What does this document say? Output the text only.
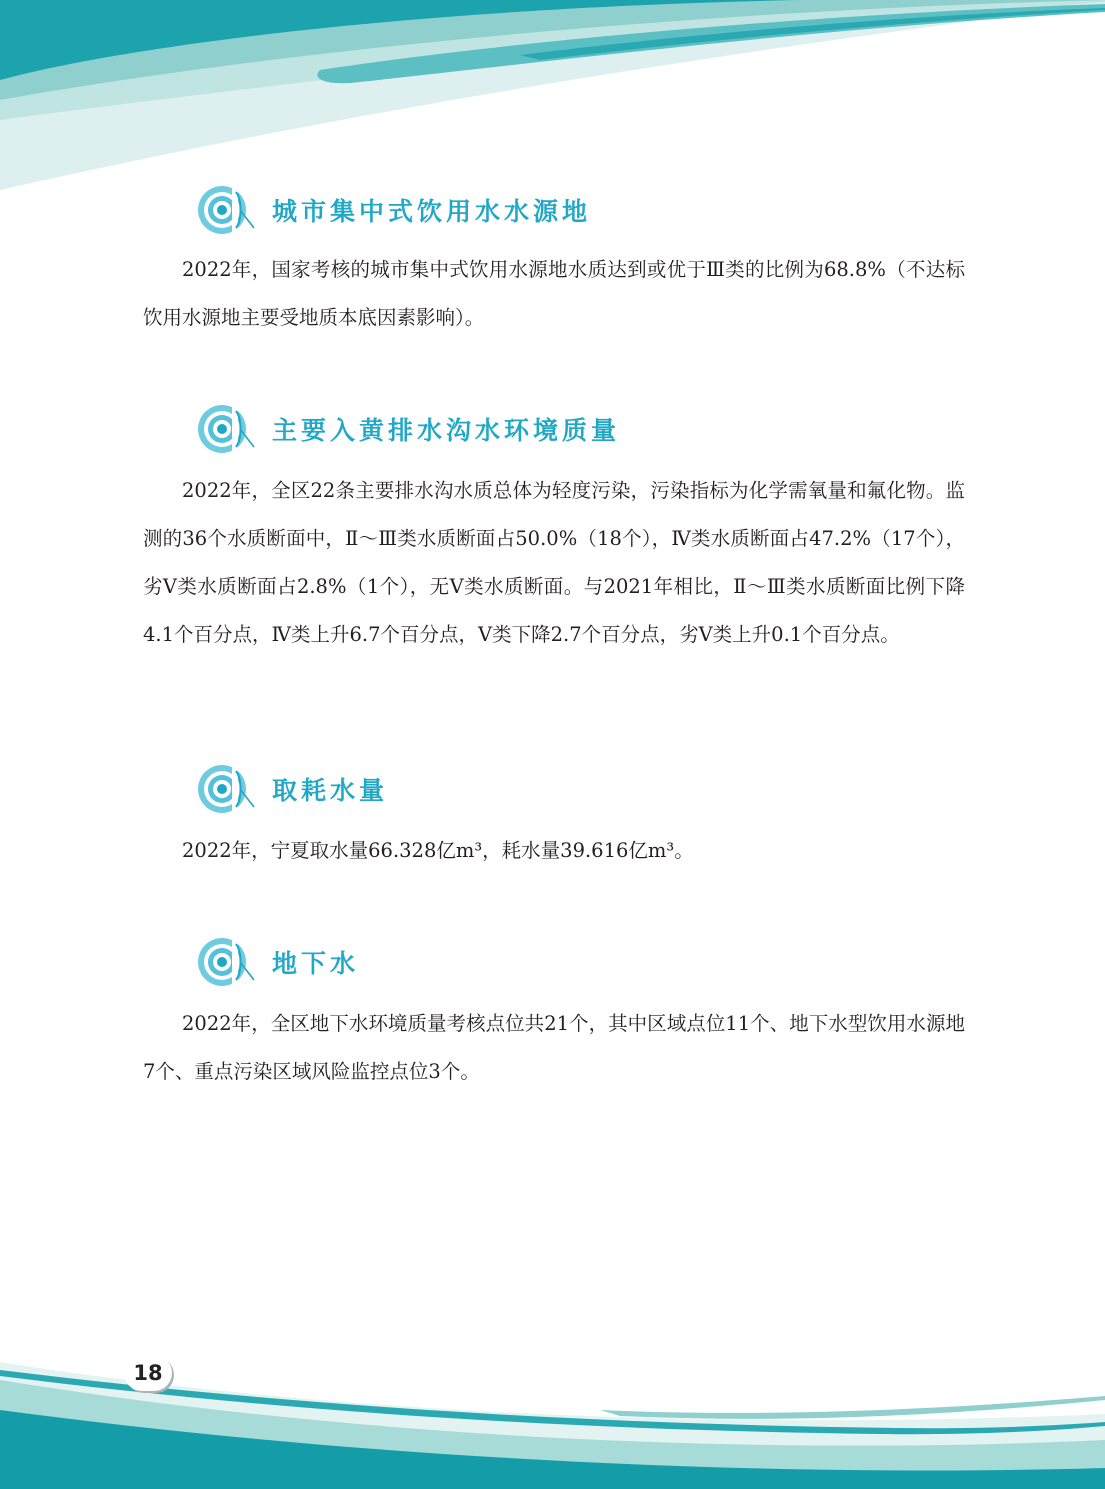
城市集中式饮用水水源地

2022年，国家考核的城市集中式饮用水源地水质达到或优于Ⅲ类的比例为68.8%（不达标饮用水源地主要受地质本底因素影响）。

主要入黄排水沟水环境质量

2022年，全区22条主要排水沟水质总体为轻度污染，污染指标为化学需氧量和氟化物。监测的36个水质断面中，Ⅱ～Ⅲ类水质断面占50.0%（18个），Ⅳ类水质断面占47.2%（17个），劣Ⅴ类水质断面占2.8%（1个），无Ⅴ类水质断面。与2021年相比，Ⅱ～Ⅲ类水质断面比例下降4.1个百分点，Ⅳ类上升6.7个百分点，Ⅴ类下降2.7个百分点，劣Ⅴ类上升0.1个百分点。

取耗水量

2022年，宁夏取水量66.328亿m³，耗水量39.616亿m³。

地下水

2022年，全区地下水环境质量考核点位共21个，其中区域点位11个、地下水型饮用水源地7个、重点污染区域风险监控点位3个。

18
